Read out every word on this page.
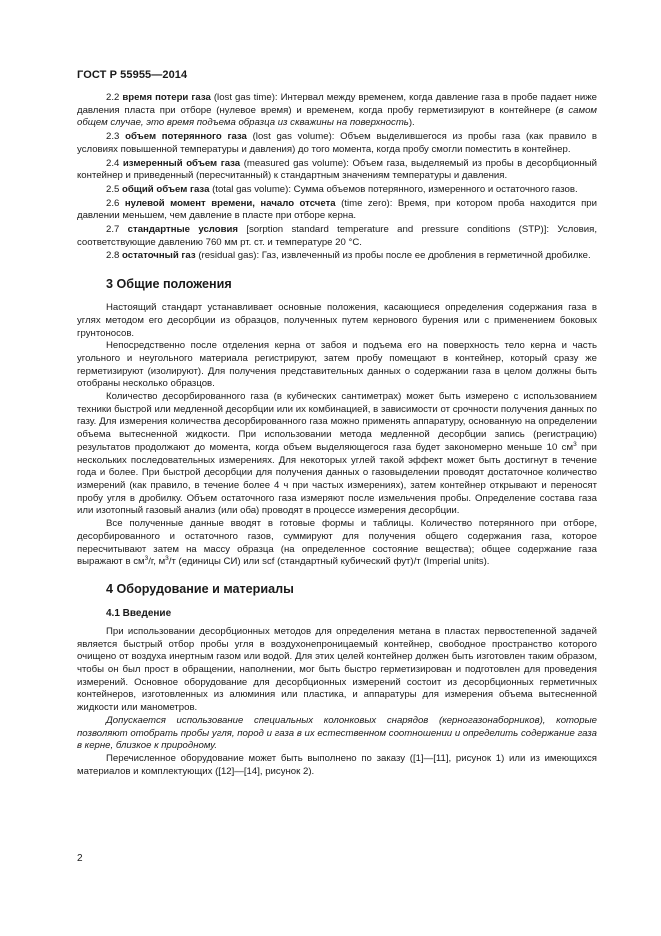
ГОСТ Р 55955—2014

2.2 время потери газа (lost gas time): Интервал между временем, когда давление газа в пробе падает ниже давления пласта при отборе (нулевое время) и временем, когда пробу герметизируют в контейнере (в самом общем случае, это время подъема образца из скважины на поверхность).

2.3 объем потерянного газа (lost gas volume): Объем выделившегося из пробы газа (как правило в условиях повышенной температуры и давления) до того момента, когда пробу смогли поместить в контейнер.

2.4 измеренный объем газа (measured gas volume): Объем газа, выделяемый из пробы в десорбционный контейнер и приведенный (пересчитанный) к стандартным значениям температуры и давления.

2.5 общий объем газа (total gas volume): Сумма объемов потерянного, измеренного и остаточного газов.

2.6 нулевой момент времени, начало отсчета (time zero): Время, при котором проба находится при давлении меньшем, чем давление в пласте при отборе керна.

2.7 стандартные условия [sorption standard temperature and pressure conditions (STP)]: Условия, соответствующие давлению 760 мм рт. ст. и температуре 20 °С.

2.8 остаточный газ (residual gas): Газ, извлеченный из пробы после ее дробления в герметичной дробилке.

3 Общие положения

Настоящий стандарт устанавливает основные положения, касающиеся определения содержания газа в углях методом его десорбции из образцов, полученных путем кернового бурения или с применением боковых грунтоносов.

Непосредственно после отделения керна от забоя и подъема его на поверхность тело керна и часть угольного и неугольного материала регистрируют, затем пробу помещают в контейнер, который сразу же герметизируют (изолируют). Для получения представительных данных о содержании газа в целом должны быть отобраны несколько образцов.

Количество десорбированного газа (в кубических сантиметрах) может быть измерено с использованием техники быстрой или медленной десорбции или их комбинацией, в зависимости от срочности получения данных по газу. Для измерения количества десорбированного газа можно применять аппаратуру, основанную на определении объема вытесненной жидкости. При использовании метода медленной десорбции запись (регистрацию) результатов продолжают до момента, когда объем выделяющегося газа будет закономерно меньше 10 $см^3$ при нескольких последовательных измерениях. Для некоторых углей такой эффект может быть достигнут в течение года и более. При быстрой десорбции для получения данных о газовыделении проводят достаточное количество измерений (как правило, в течение более 4 ч при частых измерениях), затем контейнер открывают и переносят пробу угля в дробилку. Объем остаточного газа измеряют после измельчения пробы. Определение состава газа или изотопный газовый анализ (или оба) проводят в процессе измерения десорбции.

Все полученные данные вводят в готовые формы и таблицы. Количество потерянного при отборе, десорбированного и остаточного газов, суммируют для получения общего содержания газа, которое пересчитывают затем на массу образца (на определенное состояние вещества); общее содержание газа выражают в $см^3/г$, $м^3/т$ (единицы СИ) или scf (стандартный кубический фут)/т (Imperial units).

4 Оборудование и материалы
4.1 Введение

При использовании десорбционных методов для определения метана в пластах первостепенной задачей является быстрый отбор пробы угля в воздухонепроницаемый контейнер, свободное пространство которого очищено от воздуха инертным газом или водой. Для этих целей контейнер должен быть изготовлен таким образом, чтобы он был прост в обращении, наполнении, мог быть быстро герметизирован и подготовлен для проведения измерений. Основное оборудование для десорбционных измерений состоит из десорбционных герметичных контейнеров, изготовленных из алюминия или пластика, и аппаратуры для измерения объема вытесненной жидкости или манометров.

Допускается использование специальных колонковых снарядов (керногазонаборников), которые позволяют отобрать пробы угля, пород и газа в их естественном соотношении и определить содержание газа в керне, близкое к природному.

Перечисленное оборудование может быть выполнено по заказу ([1]—[11], рисунок 1) или из имеющихся материалов и комплектующих ([12]—[14], рисунок 2).

2
